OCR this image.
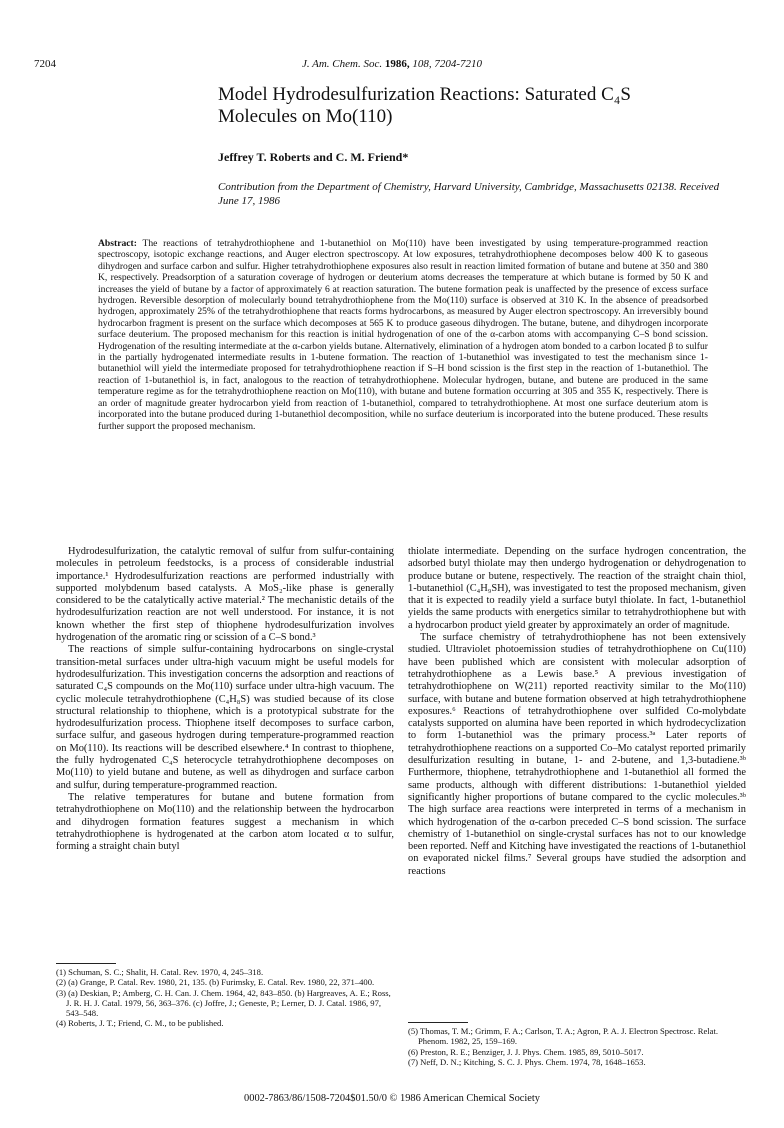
7204	J. Am. Chem. Soc. 1986, 108, 7204-7210
Model Hydrodesulfurization Reactions: Saturated C₄S Molecules on Mo(110)
Jeffrey T. Roberts and C. M. Friend*
Contribution from the Department of Chemistry, Harvard University, Cambridge, Massachusetts 02138. Received June 17, 1986
Abstract: The reactions of tetrahydrothiophene and 1-butanethiol on Mo(110) have been investigated by using temperature-programmed reaction spectroscopy, isotopic exchange reactions, and Auger electron spectroscopy. At low exposures, tetrahydrothiophene decomposes below 400 K to gaseous dihydrogen and surface carbon and sulfur. Higher tetrahydrothiophene exposures also result in reaction limited formation of butane and butene at 350 and 380 K, respectively. Preadsorption of a saturation coverage of hydrogen or deuterium atoms decreases the temperature at which butane is formed by 50 K and increases the yield of butane by a factor of approximately 6 at reaction saturation. The butene formation peak is unaffected by the presence of excess surface hydrogen. Reversible desorption of molecularly bound tetrahydrothiophene from the Mo(110) surface is observed at 310 K. In the absence of preadsorbed hydrogen, approximately 25% of the tetrahydrothiophene that reacts forms hydrocarbons, as measured by Auger electron spectroscopy. An irreversibly bound hydrocarbon fragment is present on the surface which decomposes at 565 K to produce gaseous dihydrogen. The butane, butene, and dihydrogen incorporate surface deuterium. The proposed mechanism for this reaction is initial hydrogenation of one of the α-carbon atoms with accompanying C–S bond scission. Hydrogenation of the resulting intermediate at the α-carbon yields butane. Alternatively, elimination of a hydrogen atom bonded to a carbon located β to sulfur in the partially hydrogenated intermediate results in 1-butene formation. The reaction of 1-butanethiol was investigated to test the mechanism since 1-butanethiol will yield the intermediate proposed for tetrahydrothiophene reaction if S–H bond scission is the first step in the reaction of 1-butanethiol. The reaction of 1-butanethiol is, in fact, analogous to the reaction of tetrahydrothiophene. Molecular hydrogen, butane, and butene are produced in the same temperature regime as for the tetrahydrothiophene reaction on Mo(110), with butane and butene formation occurring at 305 and 355 K, respectively. There is an order of magnitude greater hydrocarbon yield from reaction of 1-butanethiol, compared to tetrahydrothiophene. At most one surface deuterium atom is incorporated into the butane produced during 1-butanethiol decomposition, while no surface deuterium is incorporated into the butene produced. These results further support the proposed mechanism.

Hydrodesulfurization, the catalytic removal of sulfur from sulfur-containing molecules in petroleum feedstocks, is a process of considerable industrial importance.¹ Hydrodesulfurization reactions are performed industrially with supported molybdenum based catalysts. A MoS₂-like phase is generally considered to be the catalytically active material.² The mechanistic details of the hydrodesulfurization reaction are not well understood. For instance, it is not known whether the first step of thiophene hydrodesulfurization involves hydrogenation of the aromatic ring or scission of a C–S bond.³

The reactions of simple sulfur-containing hydrocarbons on single-crystal transition-metal surfaces under ultra-high vacuum might be useful models for hydrodesulfurization. This investigation concerns the adsorption and reactions of saturated C₄S compounds on the Mo(110) surface under ultra-high vacuum. The cyclic molecule tetrahydrothiophene (C₄H₈S) was studied because of its close structural relationship to thiophene, which is a prototypical substrate for the hydrodesulfurization process. Thiophene itself decomposes to surface carbon, surface sulfur, and gaseous hydrogen during temperature-programmed reaction on Mo(110). Its reactions will be described elsewhere.⁴ In contrast to thiophene, the fully hydrogenated C₄S heterocycle tetrahydrothiophene decomposes on Mo(110) to yield butane and butene, as well as dihydrogen and surface carbon and sulfur, during temperature-programmed reaction.

The relative temperatures for butane and butene formation from tetrahydrothiophene on Mo(110) and the relationship between the hydrocarbon and dihydrogen formation features suggest a mechanism in which tetrahydrothiophene is hydrogenated at the carbon atom located α to sulfur, forming a straight chain butyl

thiolate intermediate. Depending on the surface hydrogen concentration, the adsorbed butyl thiolate may then undergo hydrogenation or dehydrogenation to produce butane or butene, respectively. The reaction of the straight chain thiol, 1-butanethiol (C₄H₉SH), was investigated to test the proposed mechanism, given that it is expected to readily yield a surface butyl thiolate. In fact, 1-butanethiol yields the same products with energetics similar to tetrahydrothiophene but with a hydrocarbon product yield greater by approximately an order of magnitude.

The surface chemistry of tetrahydrothiophene has not been extensively studied. Ultraviolet photoemission studies of tetrahydrothiophene on Cu(110) have been published which are consistent with molecular adsorption of tetrahydrothiophene as a Lewis base.⁵ A previous investigation of tetrahydrothiophene on W(211) reported reactivity similar to the Mo(110) surface, with butane and butene formation observed at high tetrahydrothiophene exposures.⁶ Reactions of tetrahydrothiophene over sulfided Co-molybdate catalysts supported on alumina have been reported in which hydrodecyclization to form 1-butanethiol was the primary process.³ᵃ Later reports of tetrahydrothiophene reactions on a supported Co–Mo catalyst reported primarily desulfurization resulting in butane, 1- and 2-butene, and 1,3-butadiene.³ᵇ Furthermore, thiophene, tetrahydrothiophene and 1-butanethiol all formed the same products, although with different distributions: 1-butanethiol yielded significantly higher proportions of butane compared to the cyclic molecules.³ᵇ The high surface area reactions were interpreted in terms of a mechanism in which hydrogenation of the α-carbon preceded C–S bond scission. The surface chemistry of 1-butanethiol on single-crystal surfaces has not to our knowledge been reported. Neff and Kitching have investigated the reactions of 1-butanethiol on evaporated nickel films.⁷ Several groups have studied the adsorption and reactions

(1) Schuman, S. C.; Shalit, H. Catal. Rev. 1970, 4, 245–318.
(2) (a) Grange, P. Catal. Rev. 1980, 21, 135. (b) Furimsky, E. Catal. Rev. 1980, 22, 371–400.
(3) (a) Deskian, P.; Amberg, C. H. Can. J. Chem. 1964, 42, 843–850. (b) Hargreaves, A. E.; Ross, J. R. H. J. Catal. 1979, 56, 363–376. (c) Joffre, J.; Geneste, P.; Lerner, D. J. Catal. 1986, 97, 543–548.
(4) Roberts, J. T.; Friend, C. M., to be published.
(5) Thomas, T. M.; Grimm, F. A.; Carlson, T. A.; Agron, P. A. J. Electron Spectrosc. Relat. Phenom. 1982, 25, 159–169.
(6) Preston, R. E.; Benziger, J. J. Phys. Chem. 1985, 89, 5010–5017.
(7) Neff, D. N.; Kitching, S. C. J. Phys. Chem. 1974, 78, 1648–1653.
0002-7863/86/1508-7204$01.50/0 © 1986 American Chemical Society
